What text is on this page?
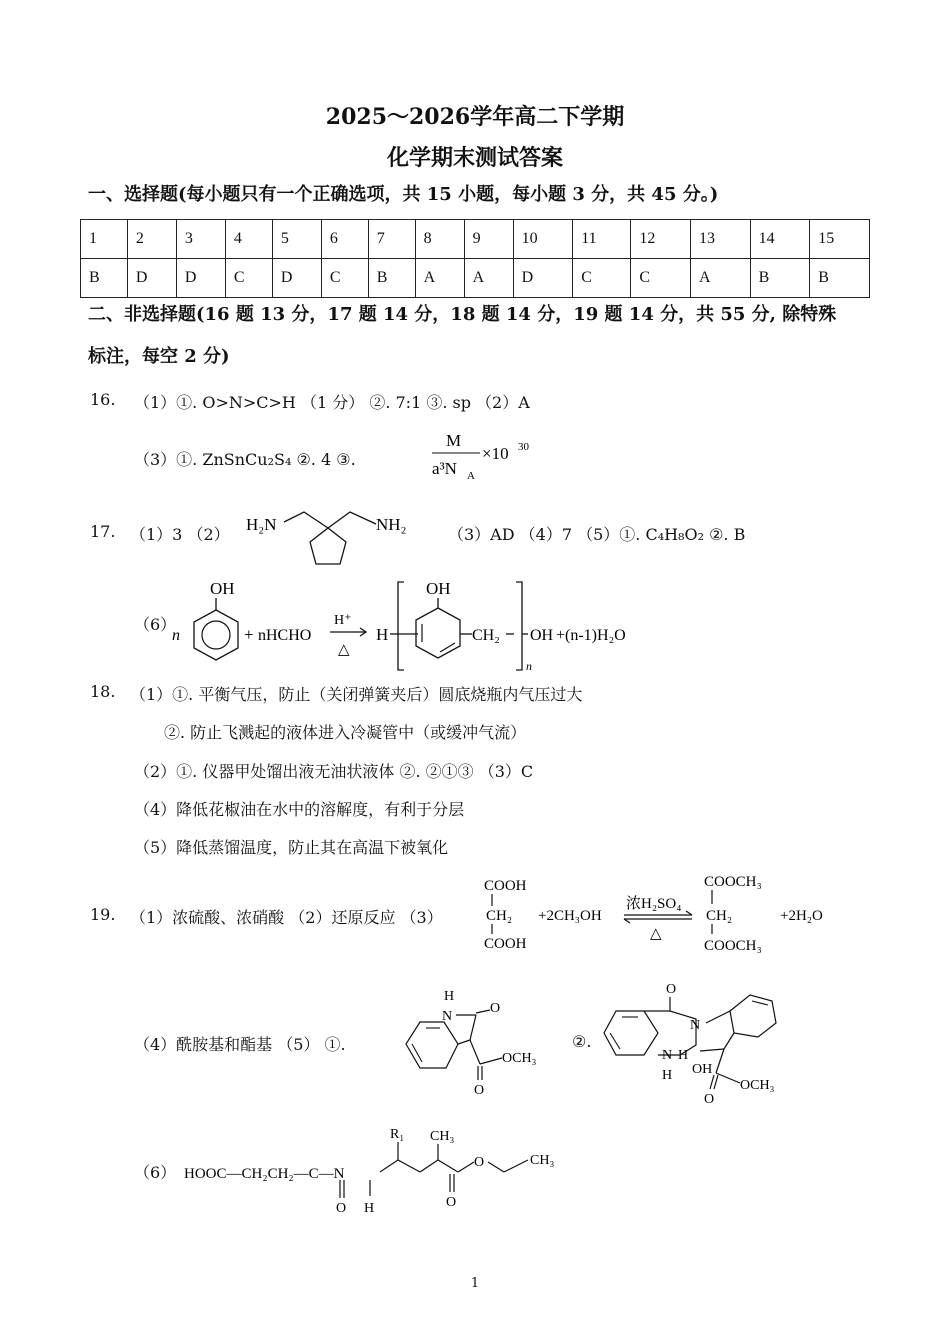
2025～2026学年高二下学期
化学期末测试答案
一、选择题(每小题只有一个正确选项，共 15 小题，每小题 3 分，共 45 分。)
1	2	3	4	5	6	7	8	9	10	11	12	13	14	15
B	D	D	C	D	C	B	A	A	D	C	C	A	B	B
二、非选择题(16 题 13 分，17 题 14 分，18 题 14 分，19 题 14 分，共 55 分, 除特殊
标注，每空 2 分)
16. （1）①. O>N>C>H （1 分） ②. 7:1 ③. sp （2）A
（3）①. ZnSnCu₂S₄ ②. 4 ③.
M
a³N A
×10 30
17. （1）3 （2）
H₂N	NH₂
（3）AD （4）7 （5）①. C₄H₈O₂ ②. B
（6）
n
OH
+ nHCHO
H⁺
△
H
OH
CH₂
n
OH +(n-1)H₂O
18. （1）①. 平衡气压，防止（关闭弹簧夹后）圆底烧瓶内气压过大
②. 防止飞溅起的液体进入冷凝管中（或缓冲气流）
（2）①. 仪器甲处馏出液无油状液体 ②. ②①③ （3）C
（4）降低花椒油在水中的溶解度，有利于分层
（5）降低蒸馏温度，防止其在高温下被氧化
19. （1）浓硫酸、浓硝酸 （2）还原反应 （3）
COOH
CH₂
COOH
+2CH₃OH
浓H₂SO₄
△
COOCH₃
CH₂
COOCH₃
+2H₂O
（4）酰胺基和酯基 （5） ①.
H
N
O
OCH₃
O
②.
O
N
N H
H OH
OCH₃
O
（6） HOOC—CH₂CH₂—C—N
O H
R₁ CH₃
O
O	CH₃
1
